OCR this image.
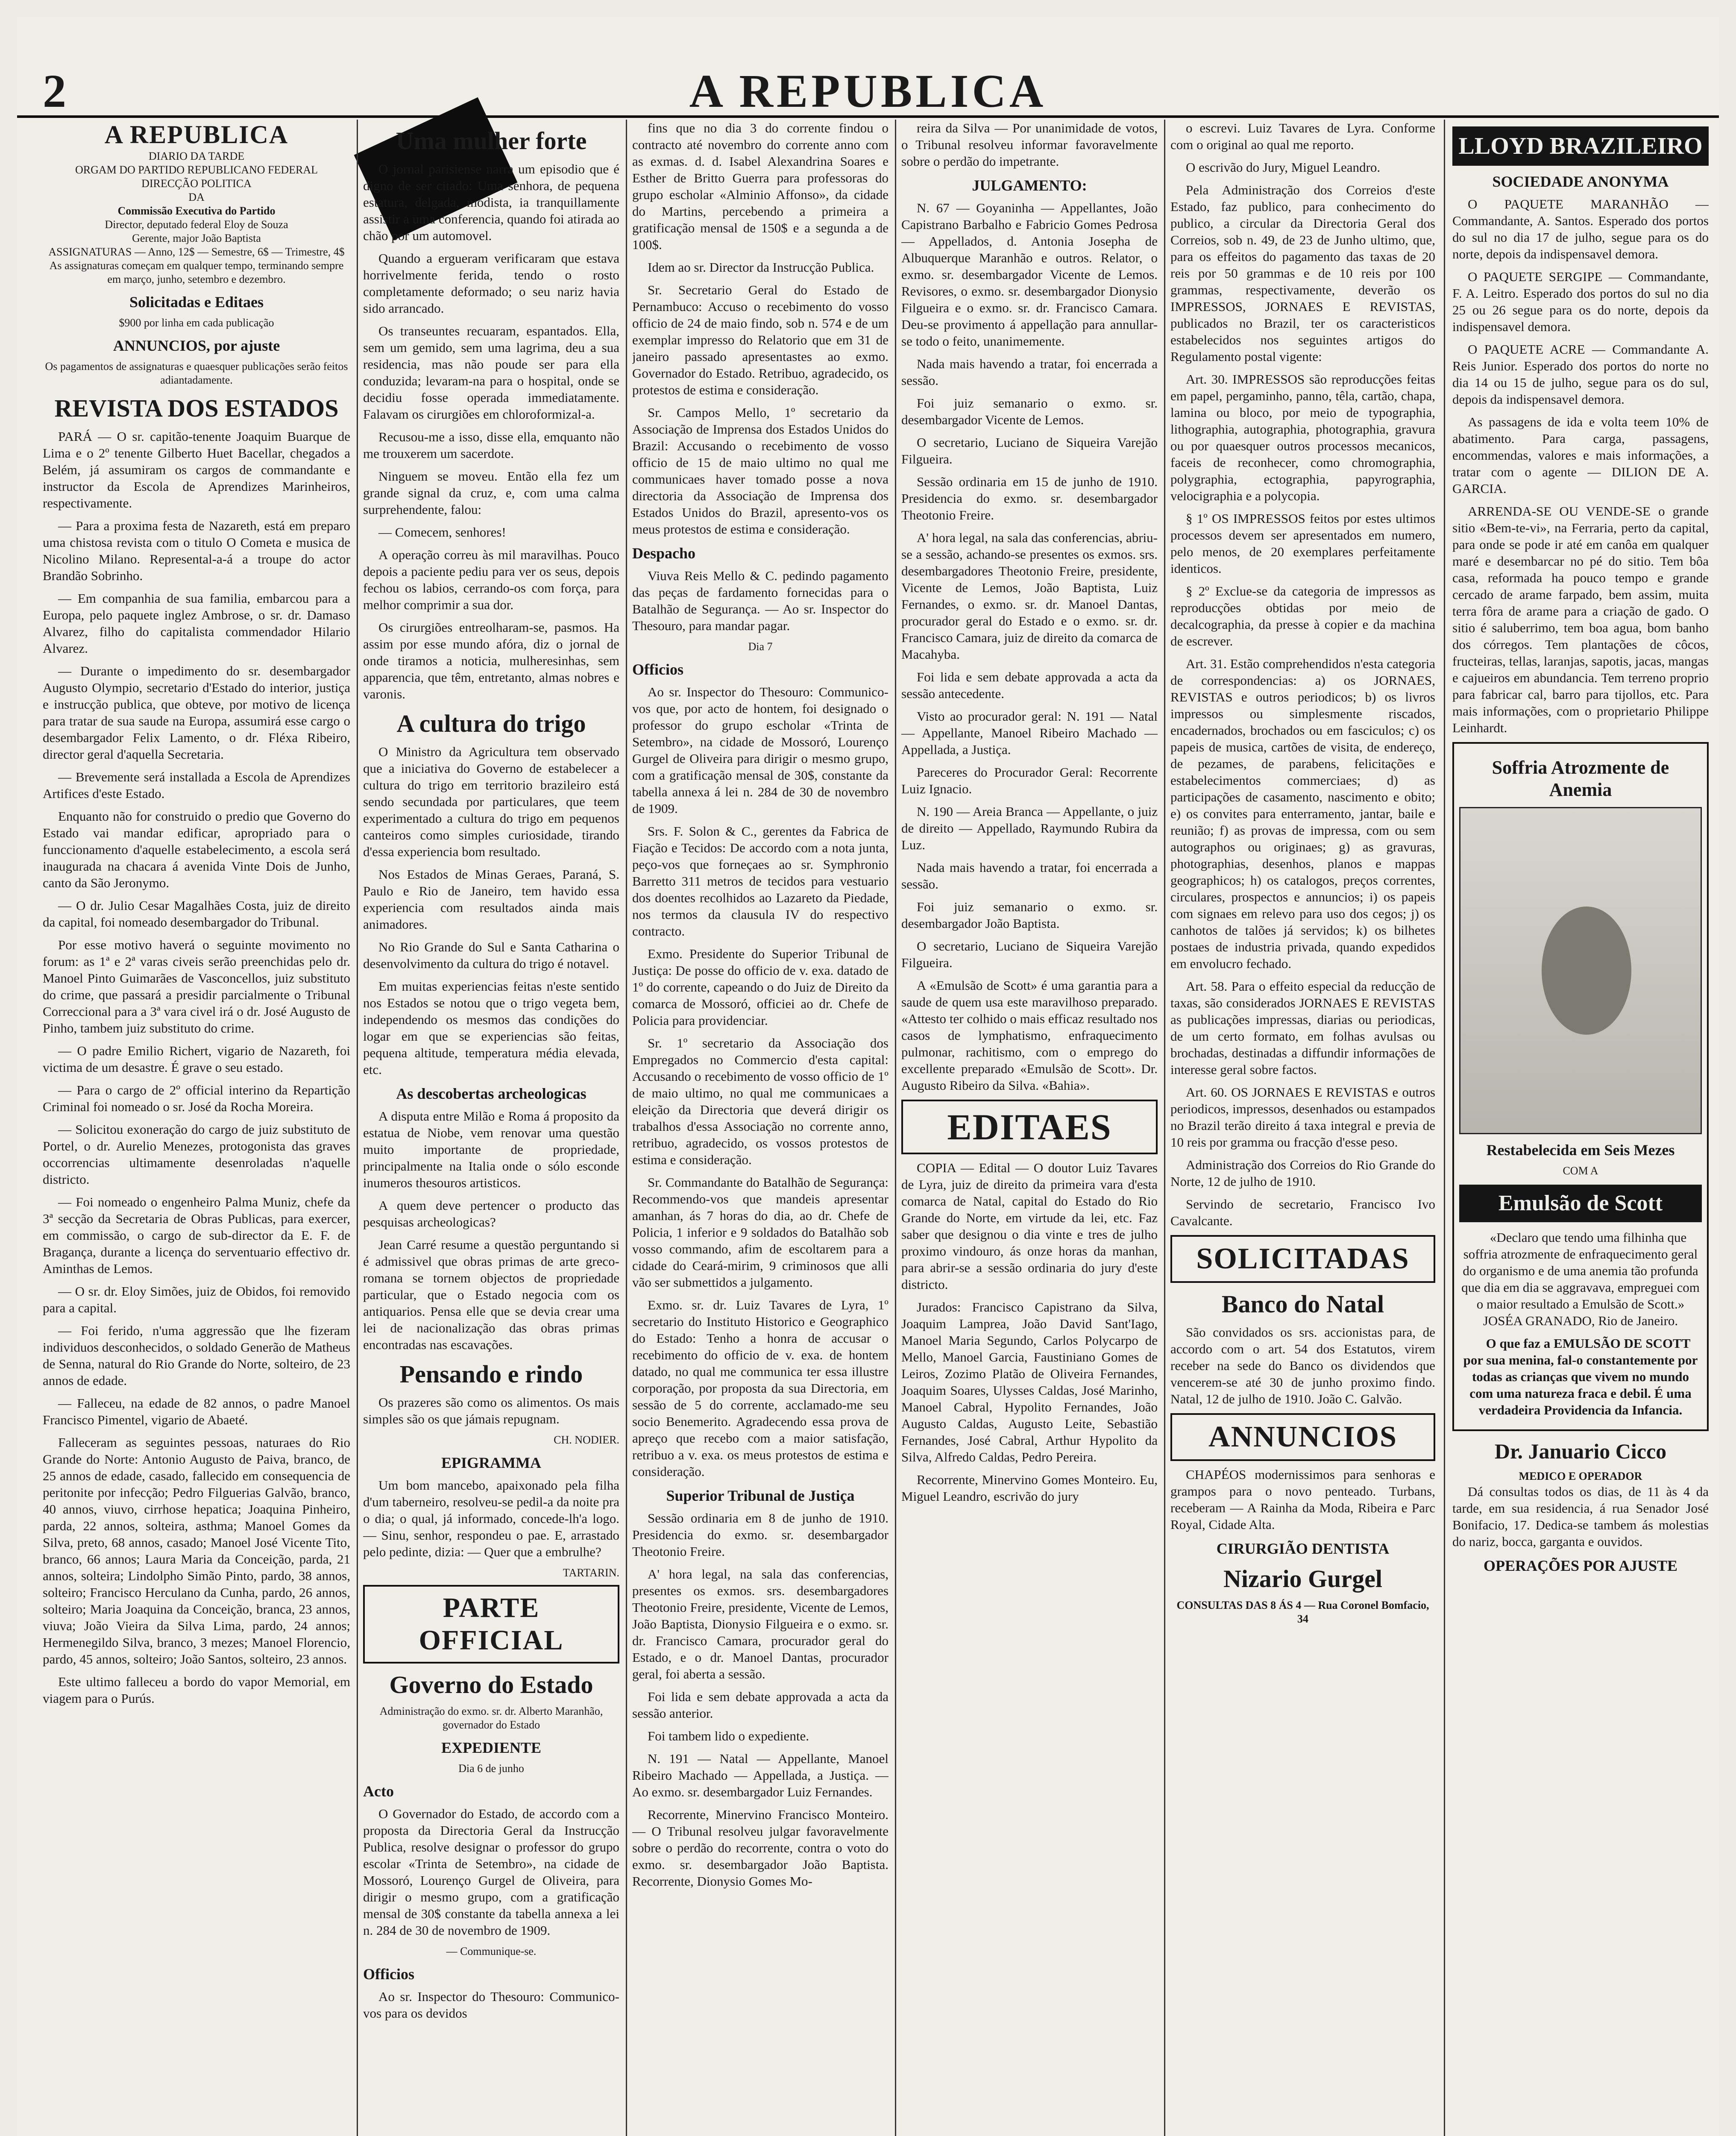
2	A REPUBLICA
A REPUBLICA
DIARIO DA TARDE
ORGAM DO PARTIDO REPUBLICANO FEDERAL
DIRECÇÃO POLITICA
DA
Commissão Executiva do Partido
Director, deputado federal Eloy de Souza
Gerente, major João Baptista
ASSIGNATURAS — Anno, 12$ — Semestre, 6$ — Trimestre, 4$
As assignaturas começam em qualquer tempo, terminando sempre em março, junho, setembro e dezembro.
Solicitadas e Editaes
$900 por linha em cada publicação
ANNUNCIOS, por ajuste
Os pagamentos de assignaturas e quaesquer publicações serão feitos adiantadamente.
REVISTA DOS ESTADOS

PARÁ — O sr. capitão-tenente Joaquim Buarque de Lima e o 2º tenente Gilberto Huet Bacellar, chegados a Belém, já assumiram os cargos de commandante e instructor da Escola de Aprendizes Marinheiros, respectivamente.

— Para a proxima festa de Nazareth, está em preparo uma chistosa revista com o titulo O Cometa e musica de Nicolino Milano. Represental-a-á a troupe do actor Brandão Sobrinho.

— Em companhia de sua familia, embarcou para a Europa, pelo paquete inglez Ambrose, o sr. dr. Damaso Alvarez, filho do capitalista commendador Hilario Alvarez.

— Durante o impedimento do sr. desembargador Augusto Olympio, secretario d'Estado do interior, justiça e instrucção publica, que obteve, por motivo de licença para tratar de sua saude na Europa, assumirá esse cargo o desembargador Felix Lamento, o dr. Fléxa Ribeiro, director geral d'aquella Secretaria.

— Brevemente será installada a Escola de Aprendizes Artifices d'este Estado.

Enquanto não for construido o predio que Governo do Estado vai mandar edificar, apropriado para o funccionamento d'aquelle estabelecimento, a escola será inaugurada na chacara á avenida Vinte Dois de Junho, canto da São Jeronymo.

— O dr. Julio Cesar Magalhães Costa, juiz de direito da capital, foi nomeado desembargador do Tribunal.

Por esse motivo haverá o seguinte movimento no forum: as 1ª e 2ª varas civeis serão preenchidas pelo dr. Manoel Pinto Guimarães de Vasconcellos, juiz substituto do crime, que passará a presidir parcialmente o Tribunal Correccional para a 3ª vara civel irá o dr. José Augusto de Pinho, tambem juiz substituto do crime.

— O padre Emilio Richert, vigario de Nazareth, foi victima de um desastre. É grave o seu estado.

— Para o cargo de 2º official interino da Repartição Criminal foi nomeado o sr. José da Rocha Moreira.

— Solicitou exoneração do cargo de juiz substituto de Portel, o dr. Aurelio Menezes, protogonista das graves occorrencias ultimamente desenroladas n'aquelle districto.

— Foi nomeado o engenheiro Palma Muniz, chefe da 3ª secção da Secretaria de Obras Publicas, para exercer, em commissão, o cargo de sub-director da E. F. de Bragança, durante a licença do serventuario effectivo dr. Aminthas de Lemos.

— O sr. dr. Eloy Simões, juiz de Obidos, foi removido para a capital.

— Foi ferido, n'uma aggressão que lhe fizeram individuos desconhecidos, o soldado Generão de Matheus de Senna, natural do Rio Grande do Norte, solteiro, de 23 annos de edade.

— Falleceu, na edade de 82 annos, o padre Manoel Francisco Pimentel, vigario de Abaeté.

Falleceram as seguintes pessoas, naturaes do Rio Grande do Norte: Antonio Augusto de Paiva, branco, de 25 annos de edade, casado, fallecido em consequencia de peritonite por infecção; Pedro Filguerias Galvão, branco, 40 annos, viuvo, cirrhose hepatica; Joaquina Pinheiro, parda, 22 annos, solteira, asthma; Manoel Gomes da Silva, preto, 68 annos, casado; Manoel José Vicente Tito, branco, 66 annos; Laura Maria da Conceição, parda, 21 annos, solteira; Lindolpho Simão Pinto, pardo, 38 annos, solteiro; Francisco Herculano da Cunha, pardo, 26 annos, solteiro; Maria Joaquina da Conceição, branca, 23 annos, viuva; João Vieira da Silva Lima, pardo, 24 annos; Hermenegildo Silva, branco, 3 mezes; Manoel Florencio, pardo, 45 annos, solteiro; João Santos, solteiro, 23 annos.

Este ultimo falleceu a bordo do vapor Memorial, em viagem para o Purús.

Uma mulher forte

O jornal parisiense narra um episodio que é digno de ser citado: Uma senhora, de pequena estatura, delgada, modista, ia tranquillamente assistir a uma conferencia, quando foi atirada ao chão por um automovel.

Quando a ergueram verificaram que estava horrivelmente ferida, tendo o rosto completamente deformado; o seu nariz havia sido arrancado.

Os transeuntes recuaram, espantados. Ella, sem um gemido, sem uma lagrima, deu a sua residencia, mas não poude ser para ella conduzida; levaram-na para o hospital, onde se decidiu fosse operada immediatamente. Falavam os cirurgiões em chloroformizal-a.

Recusou-me a isso, disse ella, emquanto não me trouxerem um sacerdote.

Ninguem se moveu. Então ella fez um grande signal da cruz, e, com uma calma surprehendente, falou:

— Comecem, senhores!

A operação correu às mil maravilhas. Pouco depois a paciente pediu para ver os seus, depois fechou os labios, cerrando-os com força, para melhor comprimir a sua dor.

Os cirurgiões entreolharam-se, pasmos. Ha assim por esse mundo afóra, diz o jornal de onde tiramos a noticia, mulheresinhas, sem apparencia, que têm, entretanto, almas nobres e varonis.

A cultura do trigo

O Ministro da Agricultura tem observado que a iniciativa do Governo de estabelecer a cultura do trigo em territorio brazileiro está sendo secundada por particulares, que teem experimentado a cultura do trigo em pequenos canteiros como simples curiosidade, tirando d'essa experiencia bom resultado.

Nos Estados de Minas Geraes, Paraná, S. Paulo e Rio de Janeiro, tem havido essa experiencia com resultados ainda mais animadores.

No Rio Grande do Sul e Santa Catharina o desenvolvimento da cultura do trigo é notavel.

Em muitas experiencias feitas n'este sentido nos Estados se notou que o trigo vegeta bem, independendo os mesmos das condições do logar em que se experiencias são feitas, pequena altitude, temperatura média elevada, etc.

As descobertas archeologicas

A disputa entre Milão e Roma á proposito da estatua de Niobe, vem renovar uma questão muito importante de propriedade, principalmente na Italia onde o sólo esconde inumeros thesouros artisticos.

A quem deve pertencer o producto das pesquisas archeologicas?

Jean Carré resume a questão perguntando si é admissivel que obras primas de arte greco-romana se tornem objectos de propriedade particular, que o Estado negocia com os antiquarios. Pensa elle que se devia crear uma lei de nacionalização das obras primas encontradas nas escavações.

Pensando e rindo

Os prazeres são como os alimentos. Os mais simples são os que jámais repugnam.

CH. NODIER.
EPIGRAMMA

Um bom mancebo, apaixonado pela filha d'um taberneiro, resolveu-se pedil-a da noite pra o dia; o qual, já informado, concede-lh'a logo. — Sinu, senhor, respondeu o pae. E, arrastado pelo pedinte, dizia: — Quer que a embrulhe?

TARTARIN.
PARTE OFFICIAL
Governo do Estado
Administração do exmo. sr. dr. Alberto Maranhão, governador do Estado
EXPEDIENTE
Dia 6 de junho
Acto

O Governador do Estado, de accordo com a proposta da Directoria Geral da Instrucção Publica, resolve designar o professor do grupo escolar «Trinta de Setembro», na cidade de Mossoró, Lourenço Gurgel de Oliveira, para dirigir o mesmo grupo, com a gratificação mensal de 30$ constante da tabella annexa a lei n. 284 de 30 de novembro de 1909.

— Communique-se.
Officios

Ao sr. Inspector do Thesouro: Communico-vos para os devidos

fins que no dia 3 do corrente findou o contracto até novembro do corrente anno com as exmas. d. d. Isabel Alexandrina Soares e Esther de Britto Guerra para professoras do grupo escholar «Alminio Affonso», da cidade do Martins, percebendo a primeira a gratificação mensal de 150$ e a segunda a de 100$.

Idem ao sr. Director da Instrucção Publica.

Sr. Secretario Geral do Estado de Pernambuco: Accuso o recebimento do vosso officio de 24 de maio findo, sob n. 574 e de um exemplar impresso do Relatorio que em 31 de janeiro passado apresentastes ao exmo. Governador do Estado. Retribuo, agradecido, os protestos de estima e consideração.

Sr. Campos Mello, 1º secretario da Associação de Imprensa dos Estados Unidos do Brazil: Accusando o recebimento de vosso officio de 15 de maio ultimo no qual me communicaes haver tomado posse a nova directoria da Associação de Imprensa dos Estados Unidos do Brazil, apresento-vos os meus protestos de estima e consideração.

Despacho

Viuva Reis Mello & C. pedindo pagamento das peças de fardamento fornecidas para o Batalhão de Segurança. — Ao sr. Inspector do Thesouro, para mandar pagar.

Dia 7
Officios

Ao sr. Inspector do Thesouro: Communico-vos que, por acto de hontem, foi designado o professor do grupo escholar «Trinta de Setembro», na cidade de Mossoró, Lourenço Gurgel de Oliveira para dirigir o mesmo grupo, com a gratificação mensal de 30$, constante da tabella annexa á lei n. 284 de 30 de novembro de 1909.

Srs. F. Solon & C., gerentes da Fabrica de Fiação e Tecidos: De accordo com a nota junta, peço-vos que forneçaes ao sr. Symphronio Barretto 311 metros de tecidos para vestuario dos doentes recolhidos ao Lazareto da Piedade, nos termos da clausula IV do respectivo contracto.

Exmo. Presidente do Superior Tribunal de Justiça: De posse do officio de v. exa. datado de 1º do corrente, capeando o do Juiz de Direito da comarca de Mossoró, officiei ao dr. Chefe de Policia para providenciar.

Sr. 1º secretario da Associação dos Empregados no Commercio d'esta capital: Accusando o recebimento de vosso officio de 1º de maio ultimo, no qual me communicaes a eleição da Directoria que deverá dirigir os trabalhos d'essa Associação no corrente anno, retribuo, agradecido, os vossos protestos de estima e consideração.

Sr. Commandante do Batalhão de Segurança: Recommendo-vos que mandeis apresentar amanhan, ás 7 horas do dia, ao dr. Chefe de Policia, 1 inferior e 9 soldados do Batalhão sob vosso commando, afim de escoltarem para a cidade do Ceará-mirim, 9 criminosos que alli vão ser submettidos a julgamento.

Exmo. sr. dr. Luiz Tavares de Lyra, 1º secretario do Instituto Historico e Geographico do Estado: Tenho a honra de accusar o recebimento do officio de v. exa. de hontem datado, no qual me communica ter essa illustre corporação, por proposta da sua Directoria, em sessão de 5 do corrente, acclamado-me seu socio Benemerito. Agradecendo essa prova de apreço que recebo com a maior satisfação, retribuo a v. exa. os meus protestos de estima e consideração.

Superior Tribunal de Justiça

Sessão ordinaria em 8 de junho de 1910. Presidencia do exmo. sr. desembargador Theotonio Freire.

A' hora legal, na sala das conferencias, presentes os exmos. srs. desembargadores Theotonio Freire, presidente, Vicente de Lemos, João Baptista, Dionysio Filgueira e o exmo. sr. dr. Francisco Camara, procurador geral do Estado, e o dr. Manoel Dantas, procurador geral, foi aberta a sessão.

Foi lida e sem debate approvada a acta da sessão anterior.

Foi tambem lido o expediente.

N. 191 — Natal — Appellante, Manoel Ribeiro Machado — Appellada, a Justiça. — Ao exmo. sr. desembargador Luiz Fernandes.

Recorrente, Minervino Francisco Monteiro. — O Tribunal resolveu julgar favoravelmente sobre o perdão do recorrente, contra o voto do exmo. sr. desembargador João Baptista. Recorrente, Dionysio Gomes Mo-

reira da Silva — Por unanimidade de votos, o Tribunal resolveu informar favoravelmente sobre o perdão do impetrante.

JULGAMENTO:

N. 67 — Goyaninha — Appellantes, João Capistrano Barbalho e Fabricio Gomes Pedrosa — Appellados, d. Antonia Josepha de Albuquerque Maranhão e outros. Relator, o exmo. sr. desembargador Vicente de Lemos. Revisores, o exmo. sr. desembargador Dionysio Filgueira e o exmo. sr. dr. Francisco Camara. Deu-se provimento á appellação para annullar-se todo o feito, unanimemente.

Nada mais havendo a tratar, foi encerrada a sessão.

Foi juiz semanario o exmo. sr. desembargador Vicente de Lemos.

O secretario, Luciano de Siqueira Varejão Filgueira.

Sessão ordinaria em 15 de junho de 1910. Presidencia do exmo. sr. desembargador Theotonio Freire.

A' hora legal, na sala das conferencias, abriu-se a sessão, achando-se presentes os exmos. srs. desembargadores Theotonio Freire, presidente, Vicente de Lemos, João Baptista, Luiz Fernandes, o exmo. sr. dr. Manoel Dantas, procurador geral do Estado e o exmo. sr. dr. Francisco Camara, juiz de direito da comarca de Macahyba.

Foi lida e sem debate approvada a acta da sessão antecedente.

Visto ao procurador geral: N. 191 — Natal — Appellante, Manoel Ribeiro Machado — Appellada, a Justiça.

Pareceres do Procurador Geral: Recorrente Luiz Ignacio.

N. 190 — Areia Branca — Appellante, o juiz de direito — Appellado, Raymundo Rubira da Luz.

Nada mais havendo a tratar, foi encerrada a sessão.

Foi juiz semanario o exmo. sr. desembargador João Baptista.

O secretario, Luciano de Siqueira Varejão Filgueira.

A «Emulsão de Scott» é uma garantia para a saude de quem usa este maravilhoso preparado. «Attesto ter colhido o mais efficaz resultado nos casos de lymphatismo, enfraquecimento pulmonar, rachitismo, com o emprego do excellente preparado «Emulsão de Scott». Dr. Augusto Ribeiro da Silva. «Bahia».

EDITAES

COPIA — Edital — O doutor Luiz Tavares de Lyra, juiz de direito da primeira vara d'esta comarca de Natal, capital do Estado do Rio Grande do Norte, em virtude da lei, etc. Faz saber que designou o dia vinte e tres de julho proximo vindouro, ás onze horas da manhan, para abrir-se a sessão ordinaria do jury d'este districto.

Jurados: Francisco Capistrano da Silva, Joaquim Lamprea, João David Sant'Iago, Manoel Maria Segundo, Carlos Polycarpo de Mello, Manoel Garcia, Faustiniano Gomes de Leiros, Zozimo Platão de Oliveira Fernandes, Joaquim Soares, Ulysses Caldas, José Marinho, Manoel Cabral, Hypolito Fernandes, João Augusto Caldas, Augusto Leite, Sebastião Fernandes, José Cabral, Arthur Hypolito da Silva, Alfredo Caldas, Pedro Pereira.

Recorrente, Minervino Gomes Monteiro. Eu, Miguel Leandro, escrivão do jury

o escrevi. Luiz Tavares de Lyra. Conforme com o original ao qual me reporto.

O escrivão do Jury, Miguel Leandro.

Pela Administração dos Correios d'este Estado, faz publico, para conhecimento do publico, a circular da Directoria Geral dos Correios, sob n. 49, de 23 de Junho ultimo, que, para os effeitos do pagamento das taxas de 20 reis por 50 grammas e de 10 reis por 100 grammas, respectivamente, deverão os IMPRESSOS, JORNAES E REVISTAS, publicados no Brazil, ter os caracteristicos estabelecidos nos seguintes artigos do Regulamento postal vigente:

Art. 30. IMPRESSOS são reproducções feitas em papel, pergaminho, panno, têla, cartão, chapa, lamina ou bloco, por meio de typographia, lithographia, autographia, photographia, gravura ou por quaesquer outros processos mecanicos, faceis de reconhecer, como chromographia, polygraphia, ectographia, papyrographia, velocigraphia e a polycopia.

§ 1º OS IMPRESSOS feitos por estes ultimos processos devem ser apresentados em numero, pelo menos, de 20 exemplares perfeitamente identicos.

§ 2º Exclue-se da categoria de impressos as reproducções obtidas por meio de decalcographia, da presse à copier e da machina de escrever.

Art. 31. Estão comprehendidos n'esta categoria de correspondencias: a) os JORNAES, REVISTAS e outros periodicos; b) os livros impressos ou simplesmente riscados, encadernados, brochados ou em fasciculos; c) os papeis de musica, cartões de visita, de endereço, de pezames, de parabens, felicitações e estabelecimentos commerciaes; d) as participações de casamento, nascimento e obito; e) os convites para enterramento, jantar, baile e reunião; f) as provas de impressa, com ou sem autographos ou originaes; g) as gravuras, photographias, desenhos, planos e mappas geographicos; h) os catalogos, preços correntes, circulares, prospectos e annuncios; i) os papeis com signaes em relevo para uso dos cegos; j) os canhotos de talões já servidos; k) os bilhetes postaes de industria privada, quando expedidos em envolucro fechado.

Art. 58. Para o effeito especial da reducção de taxas, são considerados JORNAES E REVISTAS as publicações impressas, diarias ou periodicas, de um certo formato, em folhas avulsas ou brochadas, destinadas a diffundir informações de interesse geral sobre factos.

Art. 60. OS JORNAES E REVISTAS e outros periodicos, impressos, desenhados ou estampados no Brazil terão direito á taxa integral e previa de 10 reis por gramma ou fracção d'esse peso.

Administração dos Correios do Rio Grande do Norte, 12 de julho de 1910.

Servindo de secretario, Francisco Ivo Cavalcante.

SOLICITADAS
Banco do Natal

São convidados os srs. accionistas para, de accordo com o art. 54 dos Estatutos, virem receber na sede do Banco os dividendos que vencerem-se até 30 de junho proximo findo. Natal, 12 de julho de 1910. João C. Galvão.

ANNUNCIOS

CHAPÉOS modernissimos para senhoras e grampos para o novo penteado. Turbans, receberam — A Rainha da Moda, Ribeira e Parc Royal, Cidade Alta.

CIRURGIÃO DENTISTA
Nizario Gurgel
CONSULTAS DAS 8 ÁS 4 — Rua Coronel Bomfacio, 34
LLOYD BRAZILEIRO
SOCIEDADE ANONYMA

O PAQUETE MARANHÃO — Commandante, A. Santos. Esperado dos portos do sul no dia 17 de julho, segue para os do norte, depois da indispensavel demora.

O PAQUETE SERGIPE — Commandante, F. A. Leitro. Esperado dos portos do sul no dia 25 ou 26 segue para os do norte, depois da indispensavel demora.

O PAQUETE ACRE — Commandante A. Reis Junior. Esperado dos portos do norte no dia 14 ou 15 de julho, segue para os do sul, depois da indispensavel demora.

As passagens de ida e volta teem 10% de abatimento. Para carga, passagens, encommendas, valores e mais informações, a tratar com o agente — DILION DE A. GARCIA.

ARRENDA-SE OU VENDE-SE o grande sitio «Bem-te-vi», na Ferraria, perto da capital, para onde se pode ir até em canôa em qualquer maré e desembarcar no pé do sitio. Tem bôa casa, reformada ha pouco tempo e grande cercado de arame farpado, bem assim, muita terra fôra de arame para a criação de gado. O sitio é saluberrimo, tem boa agua, bom banho dos córregos. Tem plantações de côcos, fructeiras, tellas, laranjas, sapotis, jacas, mangas e cajueiros em abundancia. Tem terreno proprio para fabricar cal, barro para tijollos, etc. Para mais informações, com o proprietario Philippe Leinhardt.

Soffria Atrozmente de Anemia
Restabelecida em Seis Mezes
COM A
Emulsão de Scott

«Declaro que tendo uma filhinha que soffria atrozmente de enfraquecimento geral do organismo e de uma anemia tão profunda que dia em dia se aggravava, empreguei com o maior resultado a Emulsão de Scott.» JOSÉA GRANADO, Rio de Janeiro.

O que faz a EMULSÃO DE SCOTT por sua menina, fal-o constantemente por todas as crianças que vivem no mundo com uma natureza fraca e debil. É uma verdadeira Providencia da Infancia.

Dr. Januario Cicco
MEDICO E OPERADOR

Dá consultas todos os dias, de 11 às 4 da tarde, em sua residencia, á rua Senador José Bonifacio, 17. Dedica-se tambem ás molestias do nariz, bocca, garganta e ouvidos.

OPERAÇÕES POR AJUSTE
